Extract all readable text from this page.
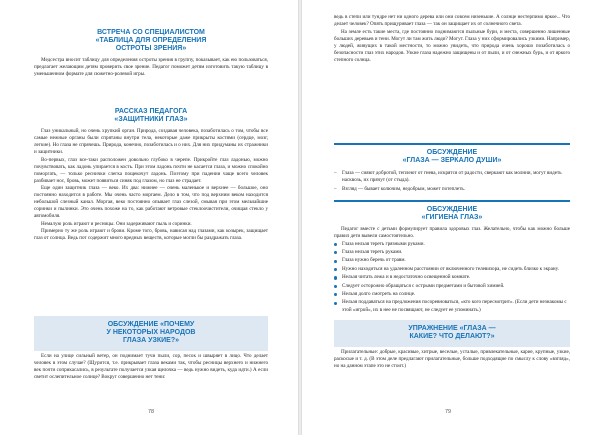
ВСТРЕЧА СО СПЕЦИАЛИСТОМ

«ТАБЛИЦА ДЛЯ ОПРЕДЕЛЕНИЯ

ОСТРОТЫ ЗРЕНИЯ»

Медсестра вносит таблицу для определения остроты зрения в группу, показывает, как ею пользоваться, предлагает желающим детям проверить свое зрение. Педагог поможет детям изготовить такую таблицу в уменьшенном формате для сюжетно-ролевой игры.

РАССКАЗ ПЕДАГОГА

«ЗАЩИТНИКИ ГЛАЗ»

Глаз уникальный, но очень хрупкий орган. Природа, создавая человека, позаботилась о том, чтобы все самые нежные органы были спрятаны внутри тела, некоторые даже прикрыты костями (сердце, мозг, легкие). Но глаза не спрячешь. Природа, конечно, позаботилась и о них. Для них придуманы их стражники и защитники.

Во-первых, глаз все-таки расположен довольно глубоко в черепе. Прикройте глаз ладонью, можно почувствовать, как ладонь упирается в кость. При этом ладонь почти не касается глаза, и можно спокойно поморгать, — только реснички слегка пощекочут ладонь. Поэтому при падении чаще всего человек разбивает нос, бровь, может появиться синяк под глазом, но глаз не страдает.

Еще один защитник глаза — веко. Их два: нижнее — очень маленькое и верхнее — большое, оно постоянно находится в работе. Мы очень часто моргаем. Дело в том, что под верхним веком находится небольшой слезный канал. Моргая, веко постоянно опывает глаз слезой, смывая при этом мельчайшие соринки и пылинки. Это очень похоже на то, как работают ветровые стеклоочистители, очищая стекло у автомобиля.

Немалую роль играют и ресницы. Они задерживают пыль и соринки.

Примерно ту же роль играют и брови. Кроме того, бровь, нависая над глазами, как козырек, защищает глаз от солнца. Ведь пот содержит много вредных веществ, которые могли бы раздражать глаза.

ОБСУЖДЕНИЕ «ПОЧЕМУ

У НЕКОТОРЫХ НАРОДОВ

ГЛАЗА УЗКИЕ?»

Если на улице сильный ветер, он поднимает тучи пыли, сор, песок и швыряет в лицо. Что делает человек в этом случае? (Щурится, т.е. прикрывает глаза веками так, чтобы ресницы верхнего и нижнего век почти соприкасались, в результате получается узкая щелочка — ведь нужно видеть, куда идти.) А если светит ослепительное солнце? Вокруг совершенно нет тени:

78

ведь в степи или тундре нет ни одного дерева или они совсем низенькие. А солнце нестерпимо яркое... Что делает человек? Опять прищуривает глаза — так он защищает их от солнечного света.

На земле есть такие места, где постоянно поднимаются пыльные бури, и места, совершенно лишенные больших деревьев и тени. Могут ли там жить люди? Могут. Глаза у них сформировались узкими. Например, у людей, живущих в такой местности, то можно увидеть, что природа очень хорошо позаботилась о безопасности глаз этих народов. Узкие глаза надежно защищены и от пыли, и от снежных бурь, и от яркого степного солнца.

ОБСУЖДЕНИЕ

«ГЛАЗА — ЗЕРКАЛО ДУШИ»

– Глаза — сияют добротой, теплеют от гнева, искрятся от радости, сверкают как молнии, могут видеть насквозь, их прячут (от стыда).
– Взгляд — бывает колючим, недобрым, может потеплеть.

ОБСУЖДЕНИЕ

«ГИГИЕНА ГЛАЗ»

Педагог вместе с детьми формулирует правила здоровых глаз. Желательно, чтобы как можно больше правил дети вывели самостоятельно.

Глаза нельзя тереть грязными руками.
Глаза нельзя тереть руками.
Глаза нужно беречь от травм.
Нужно находиться на удаленном расстоянии от включенного телевизора, не сидеть близко к экрану.
Нельзя читать лежа и в недостаточно освещенной комнате.
Следует осторожно обращаться с острыми предметами и бытовой химией.
Нельзя долго смотреть на солнце.
Нельзя поддаваться на предложения посоревноваться, «кто кого пересмотрит». (Если дети незнакомы с этой «игрой», их в нее не посвящают, не следует ее упоминать.)

УПРАЖНЕНИЕ «ГЛАЗА —

КАКИЕ? ЧТО ДЕЛАЮТ?»

Прилагательные: добрые, красивые, хитрые, веселые, усталые, привлекательные, карие, крупные, узкие, раскосые и т. д. (В этом деле предлагают прилагательные, больше подходящие по смыслу к слову «взгляд», но на данном этапе это не стоит.)

79
